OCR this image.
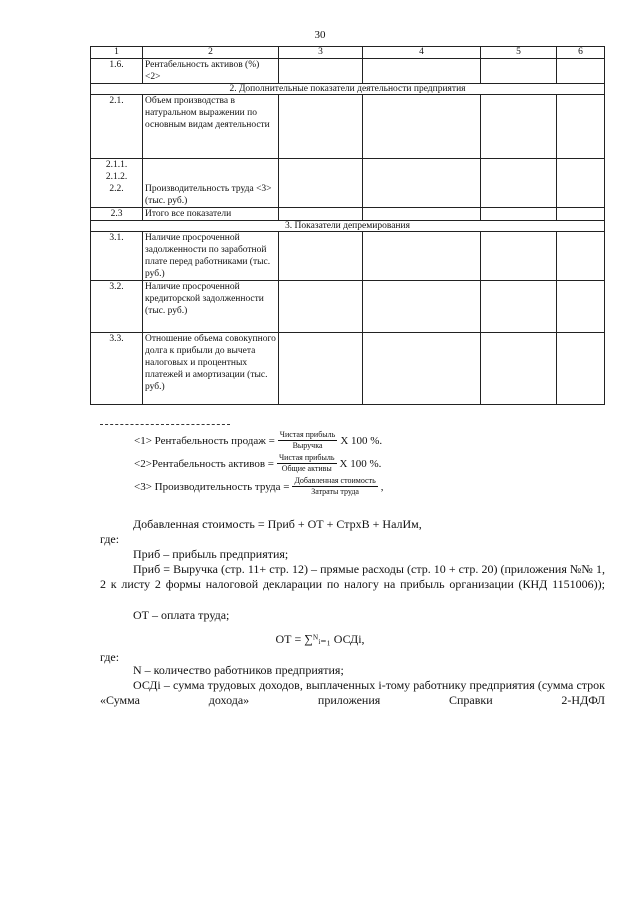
30
1	2	3	4	5	6
1.6.	Рентабельность активов (%) <2>				
2. Дополнительные показатели деятельности предприятия					
2.1.	Объем производства в натуральном выражении по основным видам деятельности				

2.1.1.
2.1.2.
2.2.	Производительность труда <3> (тыс. руб.)				

2.3	Итого все показатели				
3. Показатели депремирования					
3.1.	Наличие просроченной задолженности по заработной плате перед работниками (тыс. руб.)				
3.2.	Наличие просроченной кредиторской задолженности (тыс. руб.)				
3.3.	Отношение объема совокупного долга к прибыли до вычета налоговых и процентных платежей и амортизации (тыс. руб.)				
<1> Рентабельность продаж = $\frac{\text{Чистая прибыль}}{\text{Выручка}}$ X 100 %.
<2>Рентабельность активов = $\frac{\text{Чистая прибыль}}{\text{Общие активы}}$ X 100 %.
<3> Производительность труда = $\frac{\text{Добавленная стоимость}}{\text{Затраты труда}}$ ,
Добавленная стоимость = Приб + ОТ + СтрхВ + НалИм,
где:
Приб – прибыль предприятия;
Приб = Выручка (стр. 11+ стр. 12) – прямые расходы (стр. 10 + стр. 20) (приложения №№ 1, 2 к листу 2 формы налоговой декларации по налогу на прибыль организации (КНД 1151006));
ОТ – оплата труда;
ОТ = ∑ᴺᵢ₌₁ ОСДi,
где:
N – количество работников предприятия;
ОСДi – сумма трудовых доходов, выплаченных i-тому работнику предприятия (сумма строк «Сумма дохода» приложения Справки 2-НДФЛ
